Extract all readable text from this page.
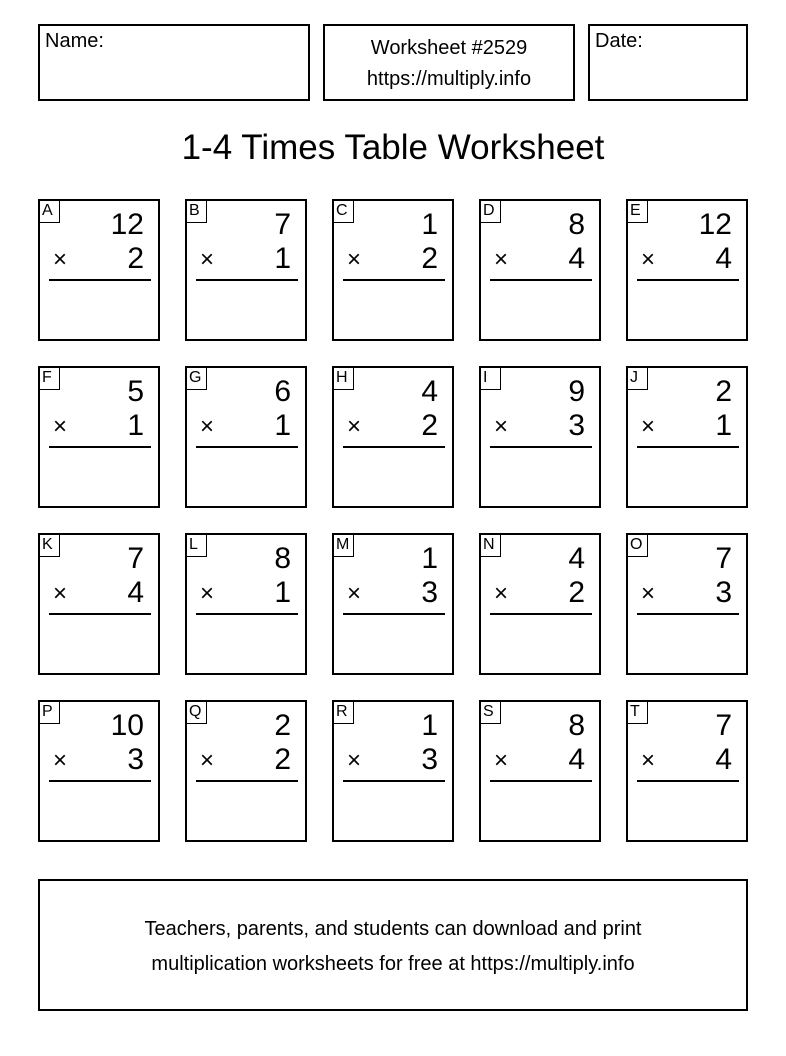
Name:	Worksheet #2529
https://multiply.info
Date:
1-4 Times Table Worksheet
A 12
× 2
B 7
× 1
C 1
× 2
D 8
× 4
E 12
× 4
F	5
× 1
G 6
× 1
H 4
× 2
I	9
× 3
J	2
× 1
K 7
× 4
L	8
× 1
M 1
× 3
N 4
× 2
O 7
× 3
P 10
× 3
Q 2
× 2
R 1
× 3
S 8
× 4
T	7
× 4
Teachers, parents, and students can download and print
multiplication worksheets for free at https://multiply.info
